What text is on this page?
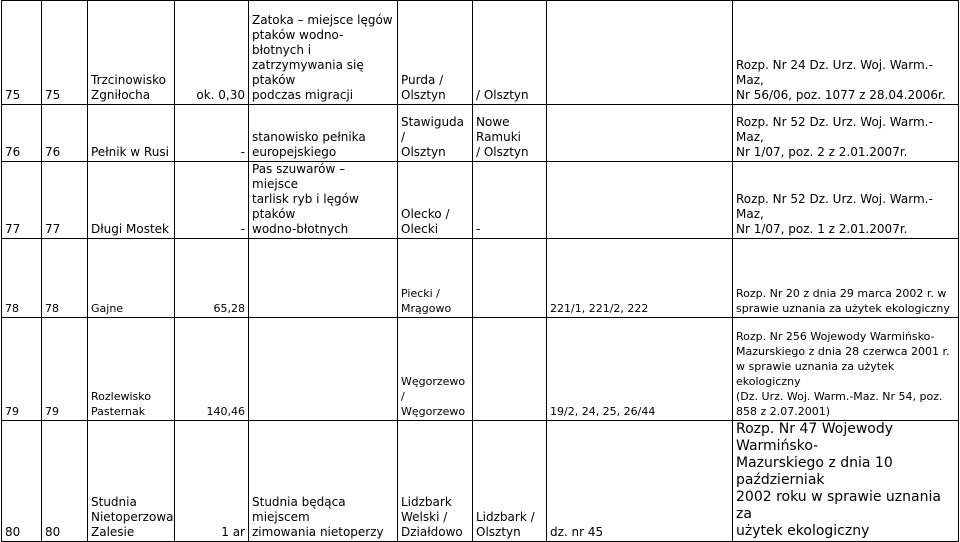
75	75	Trzcinowisko
Zgniłocha	ok. 0,30	Zatoka – miejsce lęgów
ptaków wodno-błotnych i
zatrzymywania się ptaków
podczas migracji	Purda /
Olsztyn	/ Olsztyn		Rozp. Nr 24 Dz. Urz. Woj. Warm.-Maz,
Nr 56/06, poz. 1077 z 28.04.2006r.
76	76	Pełnik w Rusi	-	stanowisko pełnika
europejskiego	Stawiguda /
Olsztyn	Nowe Ramuki
/ Olsztyn		Rozp. Nr 52 Dz. Urz. Woj. Warm.-Maz,
Nr 1/07, poz. 2 z 2.01.2007r.
77	77	Długi Mostek	-	Pas szuwarów – miejsce
tarlisk ryb i lęgów ptaków
wodno-błotnych	Olecko /
Olecki	-		Rozp. Nr 52 Dz. Urz. Woj. Warm.-Maz,
Nr 1/07, poz. 1 z 2.01.2007r.
78	78	Gajne	65,28		Piecki /
Mrągowo		221/1, 221/2, 222	Rozp. Nr 20 z dnia 29 marca 2002 r. w
sprawie uznania za użytek ekologiczny
79	79	Rozlewisko
Pasternak	140,46		Węgorzewo /
Węgorzewo		19/2, 24, 25, 26/44	Rozp. Nr 256 Wojewody Warmińsko-
Mazurskiego z dnia 28 czerwca 2001 r.
w sprawie uznania za użytek ekologiczny
(Dz. Urz. Woj. Warm.-Maz. Nr 54, poz.
858 z 2.07.2001)
80	80	Studnia
Nietoperzowa
Zalesie	1 ar	Studnia będąca miejscem
zimowania nietoperzy	Lidzbark
Welski /
Działdowo	Lidzbark /
Olsztyn	dz. nr 45	Rozp. Nr 47 Wojewody Warmińsko-
Mazurskiego z dnia 10 październiak
2002 roku w sprawie uznania za
użytek ekologiczny
